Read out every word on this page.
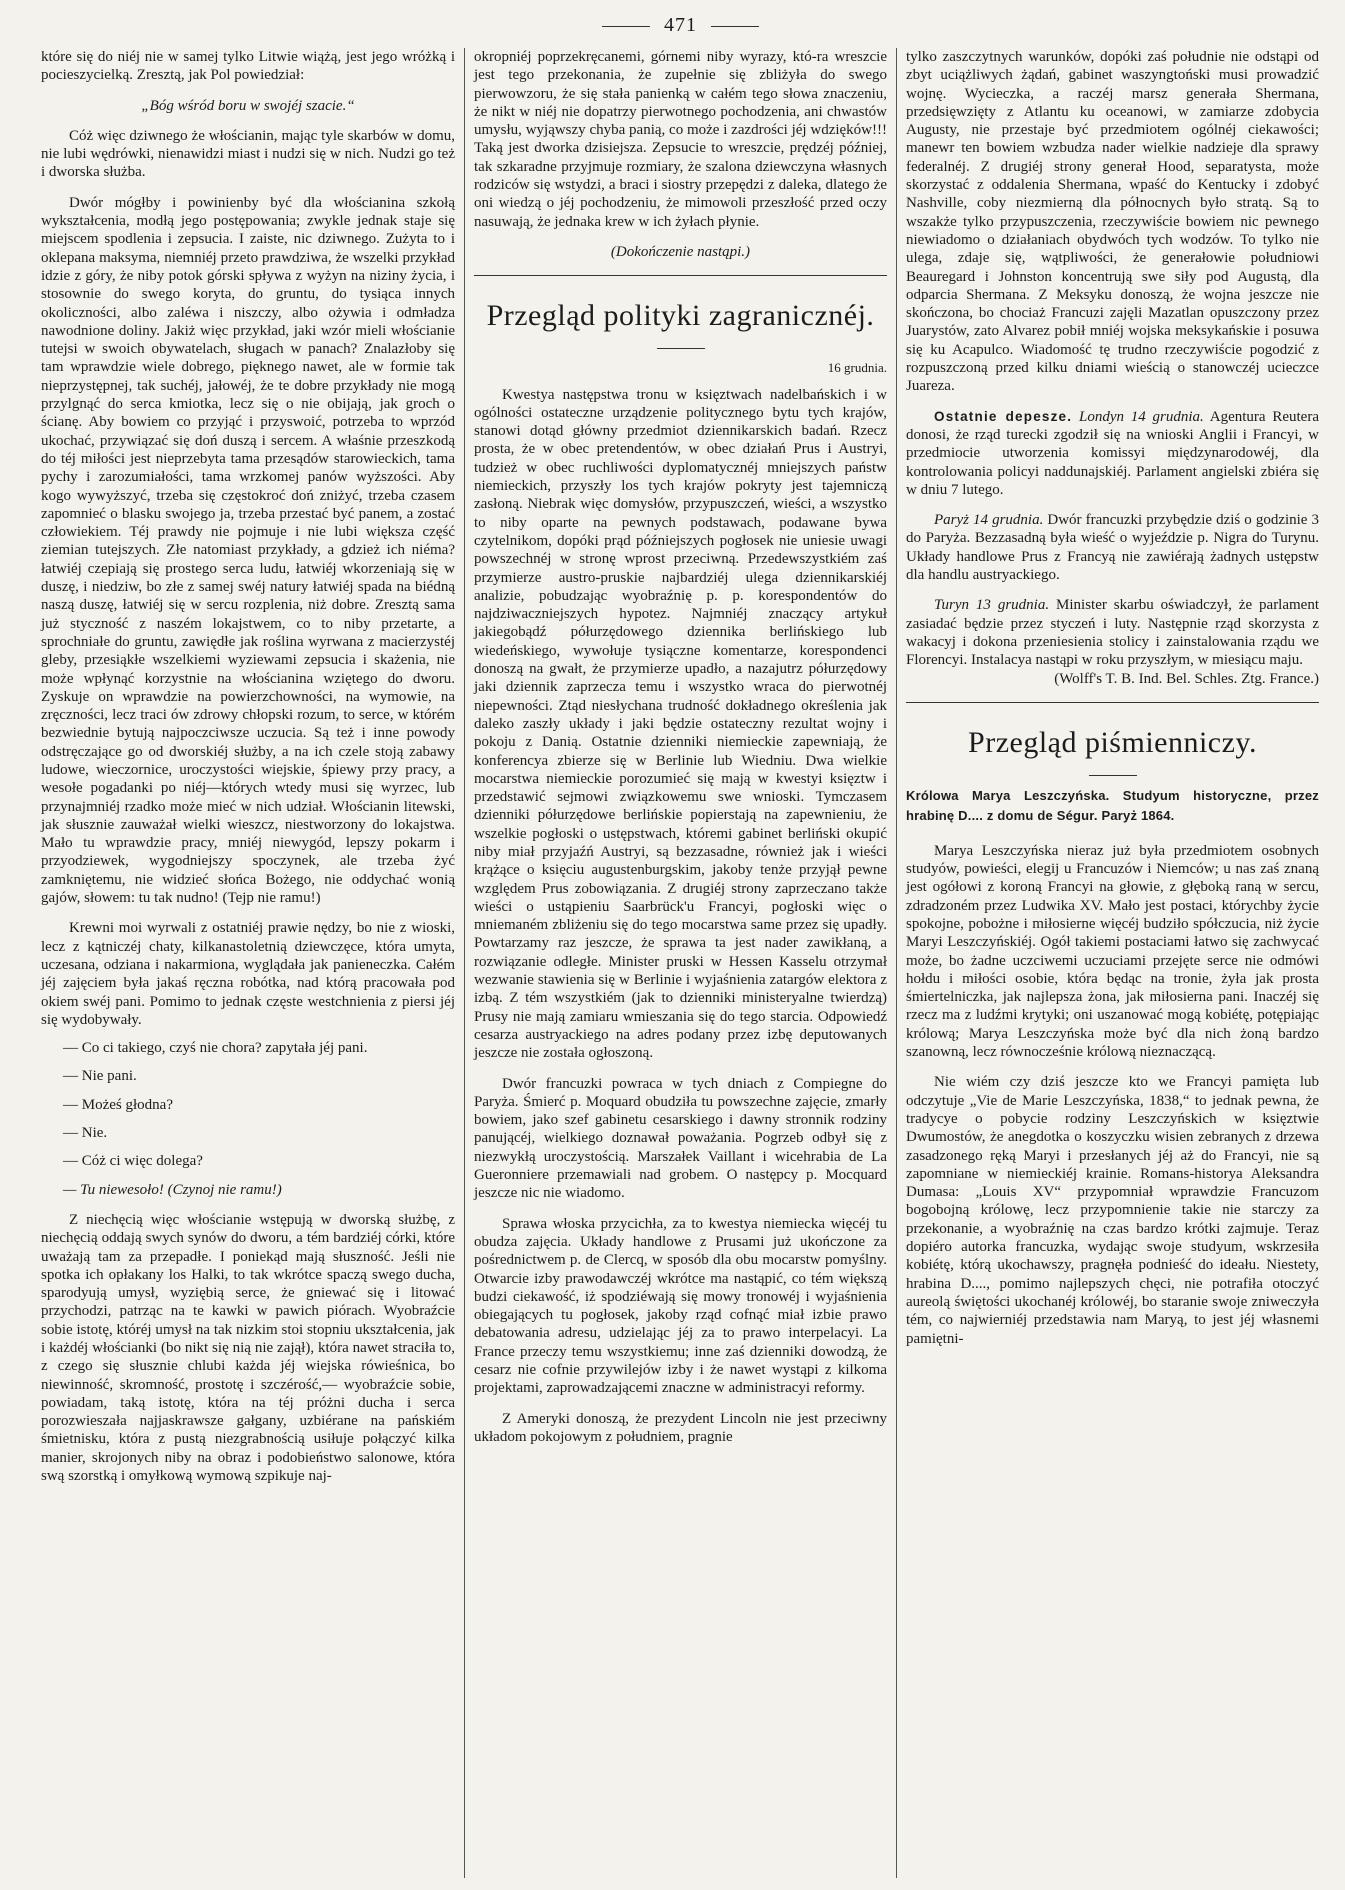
471

które się do niéj nie w samej tylko Litwie wiążą, jest jego wróżką i pocieszycielką. Zresztą, jak Pol powiedział:

„Bóg wśród boru w swojéj szacie.“

Cóż więc dziwnego że włościanin, mając tyle skarbów w domu, nie lubi wędrówki, nienawidzi miast i nudzi się w nich. Nudzi go też i dworska służba.

Dwór mógłby i powinienby być dla włościanina szkołą wykształcenia, modłą jego postępowania; zwykle jednak staje się miejscem spodlenia i zepsucia. I zaiste, nic dziwnego. Zużyta to i oklepana maksyma, niemniéj przeto prawdziwa, że wszelki przykład idzie z góry, że niby potok górski spływa z wyżyn na niziny życia, i stosownie do swego koryta, do gruntu, do tysiąca innych okoliczności, albo zaléwa i niszczy, albo ożywia i odmładza nawodnione doliny. Jakiż więc przykład, jaki wzór mieli włościanie tutejsi w swoich obywatelach, sługach w panach? Znalazłoby się tam wprawdzie wiele dobrego, pięknego nawet, ale w formie tak nieprzystępnej, tak suchéj, jałowéj, że te dobre przykłady nie mogą przylgnąć do serca kmiotka, lecz się o nie obijają, jak groch o ścianę. Aby bowiem co przyjąć i przyswoić, potrzeba to wprzód ukochać, przywiązać się doń duszą i sercem. A właśnie przeszkodą do téj miłości jest nieprzebyta tama przesądów starowieckich, tama pychy i zarozumiałości, tama wrzkomej panów wyższości. Aby kogo wywyższyć, trzeba się częstokroć doń zniżyć, trzeba czasem zapomnieć o blasku swojego ja, trzeba przestać być panem, a zostać człowiekiem. Téj prawdy nie pojmuje i nie lubi większa część ziemian tutejszych. Złe natomiast przykłady, a gdzież ich niéma? łatwiéj czepiają się prostego serca ludu, łatwiéj wkorzeniają się w duszę, i niedziw, bo złe z samej swéj natury łatwiéj spada na biédną naszą duszę, łatwiéj się w sercu rozplenia, niż dobre. Zresztą sama już styczność z naszém lokajstwem, co to niby przetarte, a sprochniałe do gruntu, zawiędłe jak roślina wyrwana z macierzystéj gleby, przesiąkłe wszelkiemi wyziewami zepsucia i skażenia, nie może wpłynąć korzystnie na włościanina wziętego do dworu. Zyskuje on wprawdzie na powierzchowności, na wymowie, na zręczności, lecz traci ów zdrowy chłopski rozum, to serce, w którém bezwiednie bytują najpoczciwsze uczucia. Są też i inne powody odstręczające go od dworskiéj służby, a na ich czele stoją zabawy ludowe, wieczornice, uroczystości wiejskie, śpiewy przy pracy, a wesołe pogadanki po niéj—których wtedy musi się wyrzec, lub przynajmniéj rzadko może mieć w nich udział. Włościanin litewski, jak słusznie zauważał wielki wieszcz, niestworzony do lokajstwa. Mało tu wprawdzie pracy, mniéj niewygód, lepszy pokarm i przyodziewek, wygodniejszy spoczynek, ale trzeba żyć zamkniętemu, nie widzieć słońca Bożego, nie oddychać wonią gajów, słowem: tu tak nudno! (Tejp nie ramu!)

Krewni moi wyrwali z ostatniéj prawie nędzy, bo nie z wioski, lecz z kątniczéj chaty, kilkanastoletnią dziewczęce, która umyta, uczesana, odziana i nakarmiona, wyglądała jak panieneczka. Całém jéj zajęciem była jakaś ręczna robótka, nad którą pracowała pod okiem swéj pani. Pomimo to jednak częste westchnienia z piersi jéj się wydobywały.

— Co ci takiego, czyś nie chora? zapytała jéj pani.

— Nie pani.

— Możeś głodna?

— Nie.

— Cóż ci więc dolega?

— Tu niewesoło! (Czynoj nie ramu!)

Z niechęcią więc włościanie wstępują w dworską służbę, z niechęcią oddają swych synów do dworu, a tém bardziéj córki, które uważają tam za przepadłe. I poniekąd mają słuszność. Jeśli nie spotka ich opłakany los Halki, to tak wkrótce spaczą swego ducha, sparodyują umysł, wyziębią serce, że gniewać się i litować przychodzi, patrząc na te kawki w pawich piórach. Wyobraźcie sobie istotę, któréj umysł na tak nizkim stoi stopniu ukształcenia, jak i każdéj włościanki (bo nikt się nią nie zajął), która nawet straciła to, z czego się słusznie chlubi każda jéj wiejska rówieśnica, bo niewinność, skromność, prostotę i szczérość,— wyobraźcie sobie, powiadam, taką istotę, która na téj próżni ducha i serca porozwieszała najjaskrawsze gałgany, uzbiérane na pańskiém śmietnisku, która z pustą niezgrabnością usiłuje połączyć kilka manier, skrojonych niby na obraz i podobieństwo salonowe, która swą szorstką i omyłkową wymową szpikuje naj-

okropniéj poprzekręcanemi, górnemi niby wyrazy, któ-ra wreszcie jest tego przekonania, że zupełnie się zbliżyła do swego pierwowzoru, że się stała panienką w całém tego słowa znaczeniu, że nikt w niéj nie dopatrzy pierwotnego pochodzenia, ani chwastów umysłu, wyjąwszy chyba panią, co może i zazdrości jéj wdzięków!!! Taką jest dworka dzisiejsza. Zepsucie to wreszcie, prędzéj później, tak szkaradne przyjmuje rozmiary, że szalona dziewczyna własnych rodziców się wstydzi, a braci i siostry przepędzi z daleka, dlatego że oni wiedzą o jéj pochodzeniu, że mimowoli przeszłość przed oczy nasuwają, że jednaka krew w ich żyłach płynie.

(Dokończenie nastąpi.)

Przegląd polityki zagranicznéj.
16 grudnia.

Kwestya następstwa tronu w księztwach nadelbańskich i w ogólności ostateczne urządzenie politycznego bytu tych krajów, stanowi dotąd główny przedmiot dziennikarskich badań. Rzecz prosta, że w obec pretendentów, w obec działań Prus i Austryi, tudzież w obec ruchliwości dyplomatycznéj mniejszych państw niemieckich, przyszły los tych krajów pokryty jest tajemniczą zasłoną. Niebrak więc domysłów, przypuszczeń, wieści, a wszystko to niby oparte na pewnych podstawach, podawane bywa czytelnikom, dopóki prąd późniejszych pogłosek nie uniesie uwagi powszechnéj w stronę wprost przeciwną. Przedewszystkiém zaś przymierze austro-pruskie najbardziéj ulega dziennikarskiéj analizie, pobudzając wyobraźnię p. p. korespondentów do najdziwaczniejszych hypotez. Najmniéj znaczący artykuł jakiegobądź półurzędowego dziennika berlińskiego lub wiedeńskiego, wywołuje tysiączne komentarze, korespondenci donoszą na gwałt, że przymierze upadło, a nazajutrz półurzędowy jaki dziennik zaprzecza temu i wszystko wraca do pierwotnéj niepewności. Ztąd niesłychana trudność dokładnego określenia jak daleko zaszły układy i jaki będzie ostateczny rezultat wojny i pokoju z Danią. Ostatnie dzienniki niemieckie zapewniają, że konferencya zbierze się w Berlinie lub Wiedniu. Dwa wielkie mocarstwa niemieckie porozumieć się mają w kwestyi księztw i przedstawić sejmowi związkowemu swe wnioski. Tymczasem dzienniki półurzędowe berlińskie popierstają na zapewnieniu, że wszelkie pogłoski o ustępstwach, któremi gabinet berliński okupić niby miał przyjaźń Austryi, są bezzasadne, również jak i wieści krążące o księciu augustenburgskim, jakoby tenże przyjął pewne względem Prus zobowiązania. Z drugiéj strony zaprzeczano także wieści o ustąpieniu Saarbrück'u Francyi, pogłoski więc o mniemaném zbliżeniu się do tego mocarstwa same przez się upadły. Powtarzamy raz jeszcze, że sprawa ta jest nader zawikłaną, a rozwiązanie odległe. Minister pruski w Hessen Kasselu otrzymał wezwanie stawienia się w Berlinie i wyjaśnienia zatargów elektora z izbą. Z tém wszystkiém (jak to dzienniki ministeryalne twierdzą) Prusy nie mają zamiaru wmieszania się do tego starcia. Odpowiedź cesarza austryackiego na adres podany przez izbę deputowanych jeszcze nie została ogłoszoną.

Dwór francuzki powraca w tych dniach z Compiegne do Paryża. Śmierć p. Moquard obudziła tu powszechne zajęcie, zmarły bowiem, jako szef gabinetu cesarskiego i dawny stronnik rodziny panującéj, wielkiego doznawał poważania. Pogrzeb odbył się z niezwykłą uroczystością. Marszałek Vaillant i wicehrabia de La Gueronniere przemawiali nad grobem. O następcy p. Mocquard jeszcze nic nie wiadomo.

Sprawa włoska przycichła, za to kwestya niemiecka więcéj tu obudza zajęcia. Układy handlowe z Prusami już ukończone za pośrednictwem p. de Clercq, w sposób dla obu mocarstw pomyślny. Otwarcie izby prawodawczéj wkrótce ma nastąpić, co tém większą budzi ciekawość, iż spodziéwają się mowy tronowéj i wyjaśnienia obiegających tu pogłosek, jakoby rząd cofnąć miał izbie prawo debatowania adresu, udzielając jéj za to prawo interpelacyi. La France przeczy temu wszystkiemu; inne zaś dzienniki dowodzą, że cesarz nie cofnie przywilejów izby i że nawet wystąpi z kilkoma projektami, zaprowadzającemi znaczne w administracyi reformy.

Z Ameryki donoszą, że prezydent Lincoln nie jest przeciwny układom pokojowym z południem, pragnie

tylko zaszczytnych warunków, dopóki zaś południe nie odstąpi od zbyt uciążliwych żądań, gabinet waszyngtoński musi prowadzić wojnę. Wycieczka, a raczéj marsz generała Shermana, przedsięwzięty z Atlantu ku oceanowi, w zamiarze zdobycia Augusty, nie przestaje być przedmiotem ogólnéj ciekawości; manewr ten bowiem wzbudza nader wielkie nadzieje dla sprawy federalnéj. Z drugiéj strony generał Hood, separatysta, może skorzystać z oddalenia Shermana, wpaść do Kentucky i zdobyć Nashville, coby niezmierną dla północnych było stratą. Są to wszakże tylko przypuszczenia, rzeczywiście bowiem nic pewnego niewiadomo o działaniach obydwóch tych wodzów. To tylko nie ulega, zdaje się, wątpliwości, że generałowie południowi Beauregard i Johnston koncentrują swe siły pod Augustą, dla odparcia Shermana. Z Meksyku donoszą, że wojna jeszcze nie skończona, bo chociaż Francuzi zajęli Mazatlan opuszczony przez Juarystów, zato Alvarez pobił mniéj wojska meksykańskie i posuwa się ku Acapulco. Wiadomość tę trudno rzeczywiście pogodzić z rozpuszczoną przed kilku dniami wieścią o stanowczéj ucieczce Juareza.

Ostatnie depesze. Londyn 14 grudnia. Agentura Reutera donosi, że rząd turecki zgodził się na wnioski Anglii i Francyi, w przedmiocie utworzenia komissyi międzynarodowéj, dla kontrolowania policyi naddunajskiéj. Parlament angielski zbiéra się w dniu 7 lutego.

Paryż 14 grudnia. Dwór francuzki przybędzie dziś o godzinie 3 do Paryża. Bezzasadną była wieść o wyjeździe p. Nigra do Turynu. Układy handlowe Prus z Francyą nie zawiérają żadnych ustępstw dla handlu austryackiego.

Turyn 13 grudnia. Minister skarbu oświadczył, że parlament zasiadać będzie przez styczeń i luty. Następnie rząd skorzysta z wakacyj i dokona przeniesienia stolicy i zainstalowania rządu we Florencyi. Instalacya nastąpi w roku przyszłym, w miesiącu maju.

(Wolff's T. B. Ind. Bel. Schles. Ztg. France.)

Przegląd piśmienniczy.
Królowa Marya Leszczyńska. Studyum historyczne, przez hrabinę D.... z domu de Ségur. Paryż 1864.

Marya Leszczyńska nieraz już była przedmiotem osobnych studyów, powieści, elegij u Francuzów i Niemców; u nas zaś znaną jest ogółowi z koroną Francyi na głowie, z głęboką raną w sercu, zdradzoném przez Ludwika XV. Mało jest postaci, którychby życie spokojne, pobożne i miłosierne więcéj budziło spółczucia, niż życie Maryi Leszczyńskiéj. Ogół takiemi postaciami łatwo się zachwycać może, bo żadne uczciwemi uczuciami przejęte serce nie odmówi hołdu i miłości osobie, która będąc na tronie, żyła jak prosta śmiertelniczka, jak najlepsza żona, jak miłosierna pani. Inaczéj się rzecz ma z ludźmi krytyki; oni uszanować mogą kobiétę, potępiając królową; Marya Leszczyńska może być dla nich żoną bardzo szanowną, lecz równocześnie królową nieznaczącą.

Nie wiém czy dziś jeszcze kto we Francyi pamięta lub odczytuje „Vie de Marie Leszczyńska, 1838,“ to jednak pewna, że tradycye o pobycie rodziny Leszczyńskich w księztwie Dwumostów, że anegdotka o koszyczku wisien zebranych z drzewa zasadzonego ręką Maryi i przesłanych jéj aż do Francyi, nie są zapomniane w niemieckiéj krainie. Romans-historya Aleksandra Dumasa: „Louis XV“ przypomniał wprawdzie Francuzom bogobojną królowę, lecz przypomnienie takie nie starczy za przekonanie, a wyobraźnię na czas bardzo krótki zajmuje. Teraz dopiéro autorka francuzka, wydając swoje studyum, wskrzesiła kobiétę, którą ukochawszy, pragnęła podnieść do ideału. Niestety, hrabina D...., pomimo najlepszych chęci, nie potrafiła otoczyć aureolą świętości ukochanéj królowéj, bo staranie swoje zniweczyła tém, co najwierniéj przedstawia nam Maryą, to jest jéj własnemi pamiętni-
